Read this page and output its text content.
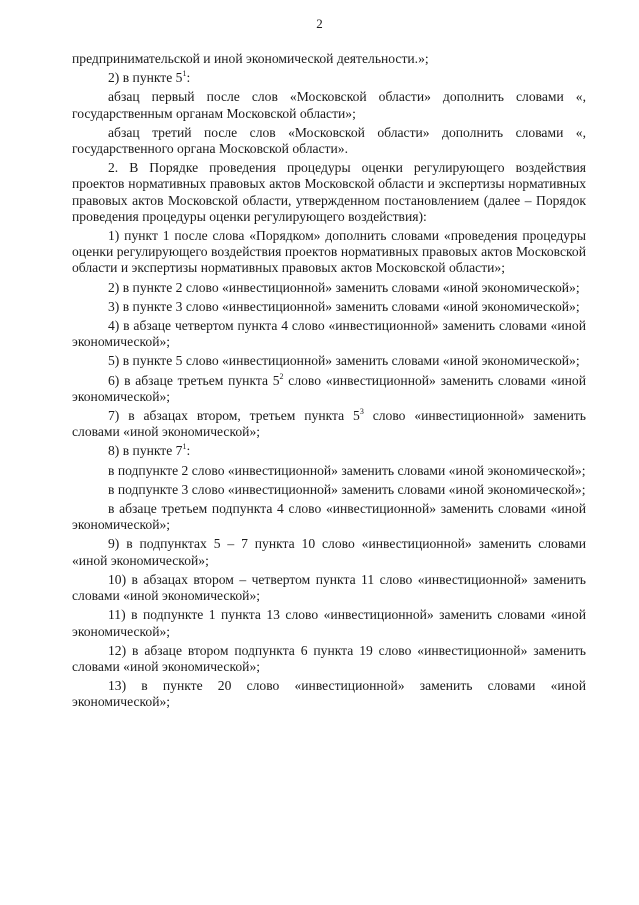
2

предпринимательской и иной экономической деятельности.»;

2) в пункте $5^1$:

абзац первый после слов «Московской области» дополнить словами «, государственным органам Московской области»;

абзац третий после слов «Московской области» дополнить словами «, государственного органа Московской области».

2. В Порядке проведения процедуры оценки регулирующего воздействия проектов нормативных правовых актов Московской области и экспертизы нормативных правовых актов Московской области, утвержденном постановлением (далее – Порядок проведения процедуры оценки регулирующего воздействия):

1) пункт 1 после слова «Порядком» дополнить словами «проведения процедуры оценки регулирующего воздействия проектов нормативных правовых актов Московской области и экспертизы нормативных правовых актов Московской области»;

2) в пункте 2 слово «инвестиционной» заменить словами «иной экономической»;

3) в пункте 3 слово «инвестиционной» заменить словами «иной экономической»;

4) в абзаце четвертом пункта 4 слово «инвестиционной» заменить словами «иной экономической»;

5) в пункте 5 слово «инвестиционной» заменить словами «иной экономической»;

6) в абзаце третьем пункта $5^2$ слово «инвестиционной» заменить словами «иной экономической»;

7) в абзацах втором, третьем пункта $5^3$ слово «инвестиционной» заменить словами «иной экономической»;

8) в пункте $7^1$:

в подпункте 2 слово «инвестиционной» заменить словами «иной экономической»;

в подпункте 3 слово «инвестиционной» заменить словами «иной экономической»;

в абзаце третьем подпункта 4 слово «инвестиционной» заменить словами «иной экономической»;

9) в подпунктах 5 – 7 пункта 10 слово «инвестиционной» заменить словами «иной экономической»;

10) в абзацах втором – четвертом пункта 11 слово «инвестиционной» заменить словами «иной экономической»;

11) в подпункте 1 пункта 13 слово «инвестиционной» заменить словами «иной экономической»;

12) в абзаце втором подпункта 6 пункта 19 слово «инвестиционной» заменить словами «иной экономической»;

13) в пункте 20 слово «инвестиционной» заменить словами «иной экономической»;
